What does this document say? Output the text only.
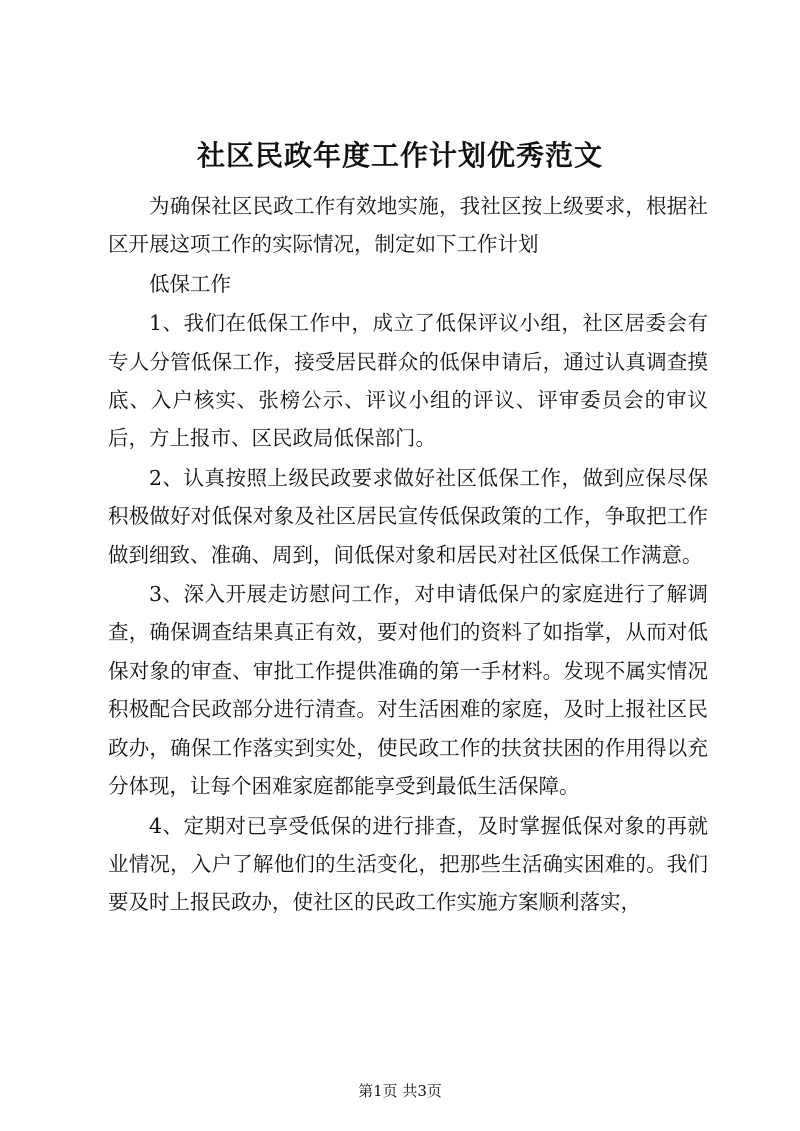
社区民政年度工作计划优秀范文

为确保社区民政工作有效地实施，我社区按上级要求，根据社区开展这项工作的实际情况，制定如下工作计划

低保工作

1、我们在低保工作中，成立了低保评议小组，社区居委会有专人分管低保工作，接受居民群众的低保申请后，通过认真调查摸底、入户核实、张榜公示、评议小组的评议、评审委员会的审议后，方上报市、区民政局低保部门。

2、认真按照上级民政要求做好社区低保工作，做到应保尽保积极做好对低保对象及社区居民宣传低保政策的工作，争取把工作做到细致、准确、周到，间低保对象和居民对社区低保工作满意。

3、深入开展走访慰问工作，对申请低保户的家庭进行了解调查，确保调查结果真正有效，要对他们的资料了如指掌，从而对低保对象的审查、审批工作提供准确的第一手材料。发现不属实情况积极配合民政部分进行清查。对生活困难的家庭，及时上报社区民政办，确保工作落实到实处，使民政工作的扶贫扶困的作用得以充分体现，让每个困难家庭都能享受到最低生活保障。

4、定期对已享受低保的进行排查，及时掌握低保对象的再就业情况，入户了解他们的生活变化，把那些生活确实困难的。我们要及时上报民政办，使社区的民政工作实施方案顺利落实，

第1页 共3页
